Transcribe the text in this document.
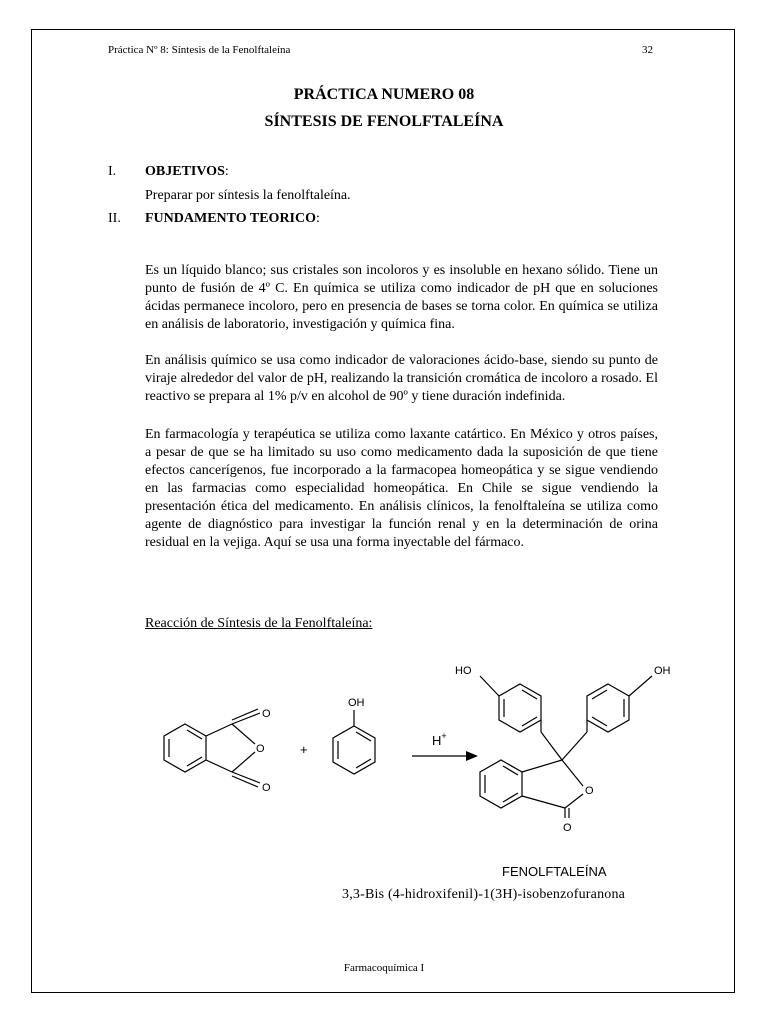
Práctica Nº 8: Síntesis de la Fenolftaleína	32
PRÁCTICA NUMERO 08
SÍNTESIS DE FENOLFTALEÍNA
I. OBJETIVOS:
Preparar por síntesis la fenolftaleína.
II. FUNDAMENTO TEORICO:
Es un líquido blanco; sus cristales son incoloros y es insoluble en hexano sólido. Tiene un punto de fusión de 4º C. En química se utiliza como indicador de pH que en soluciones ácidas permanece incoloro, pero en presencia de bases se torna color. En química se utiliza en análisis de laboratorio, investigación y química fina.
En análisis químico se usa como indicador de valoraciones ácido-base, siendo su punto de viraje alrededor del valor de pH, realizando la transición cromática de incoloro a rosado. El reactivo se prepara al 1% p/v en alcohol de 90º y tiene duración indefinida.
En farmacología y terapéutica se utiliza como laxante catártico. En México y otros países, a pesar de que se ha limitado su uso como medicamento dada la suposición de que tiene efectos cancerígenos, fue incorporado a la farmacopea homeopática y se sigue vendiendo en las farmacias como especialidad homeopática. En Chile se sigue vendiendo la presentación ética del medicamento. En análisis clínicos, la fenolftaleína se utiliza como agente de diagnóstico para investigar la función renal y en la determinación de orina residual en la vejiga. Aquí se usa una forma inyectable del fármaco.
Reacción de Síntesis de la Fenolftaleína:
O
O
O
+
OH
H+
HO	OH
O
O
FENOLFTALEÍNA
3,3-Bis (4-hidroxifenil)-1(3H)-isobenzofuranona
Farmacoquímica I
